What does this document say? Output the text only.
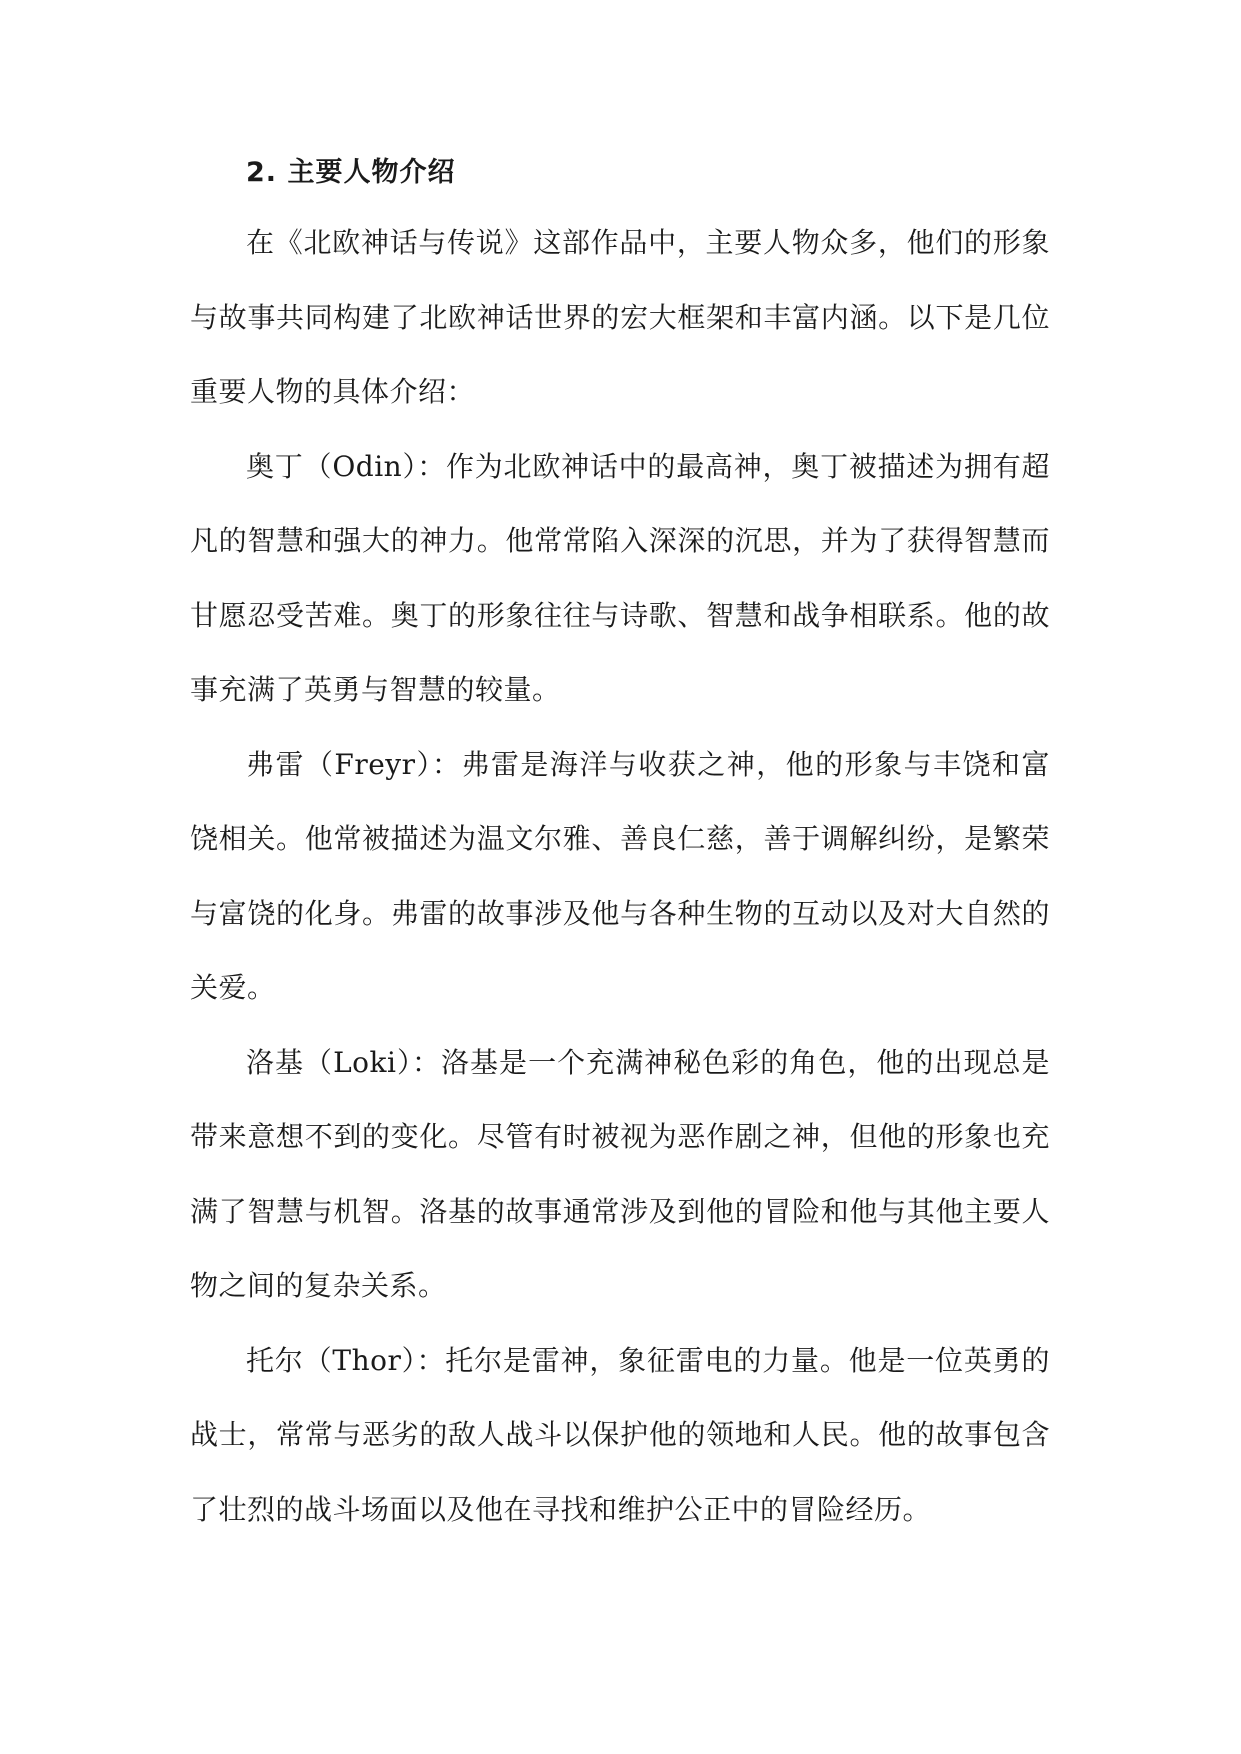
2. 主要人物介绍

在《北欧神话与传说》这部作品中，主要人物众多，他们的形象与故事共同构建了北欧神话世界的宏大框架和丰富内涵。以下是几位重要人物的具体介绍：

奥丁（Odin）：作为北欧神话中的最高神，奥丁被描述为拥有超凡的智慧和强大的神力。他常常陷入深深的沉思，并为了获得智慧而甘愿忍受苦难。奥丁的形象往往与诗歌、智慧和战争相联系。他的故事充满了英勇与智慧的较量。

弗雷（Freyr）：弗雷是海洋与收获之神，他的形象与丰饶和富饶相关。他常被描述为温文尔雅、善良仁慈，善于调解纠纷，是繁荣与富饶的化身。弗雷的故事涉及他与各种生物的互动以及对大自然的关爱。

洛基（Loki）：洛基是一个充满神秘色彩的角色，他的出现总是带来意想不到的变化。尽管有时被视为恶作剧之神，但他的形象也充满了智慧与机智。洛基的故事通常涉及到他的冒险和他与其他主要人物之间的复杂关系。

托尔（Thor）：托尔是雷神，象征雷电的力量。他是一位英勇的战士，常常与恶劣的敌人战斗以保护他的领地和人民。他的故事包含了壮烈的战斗场面以及他在寻找和维护公正中的冒险经历。
